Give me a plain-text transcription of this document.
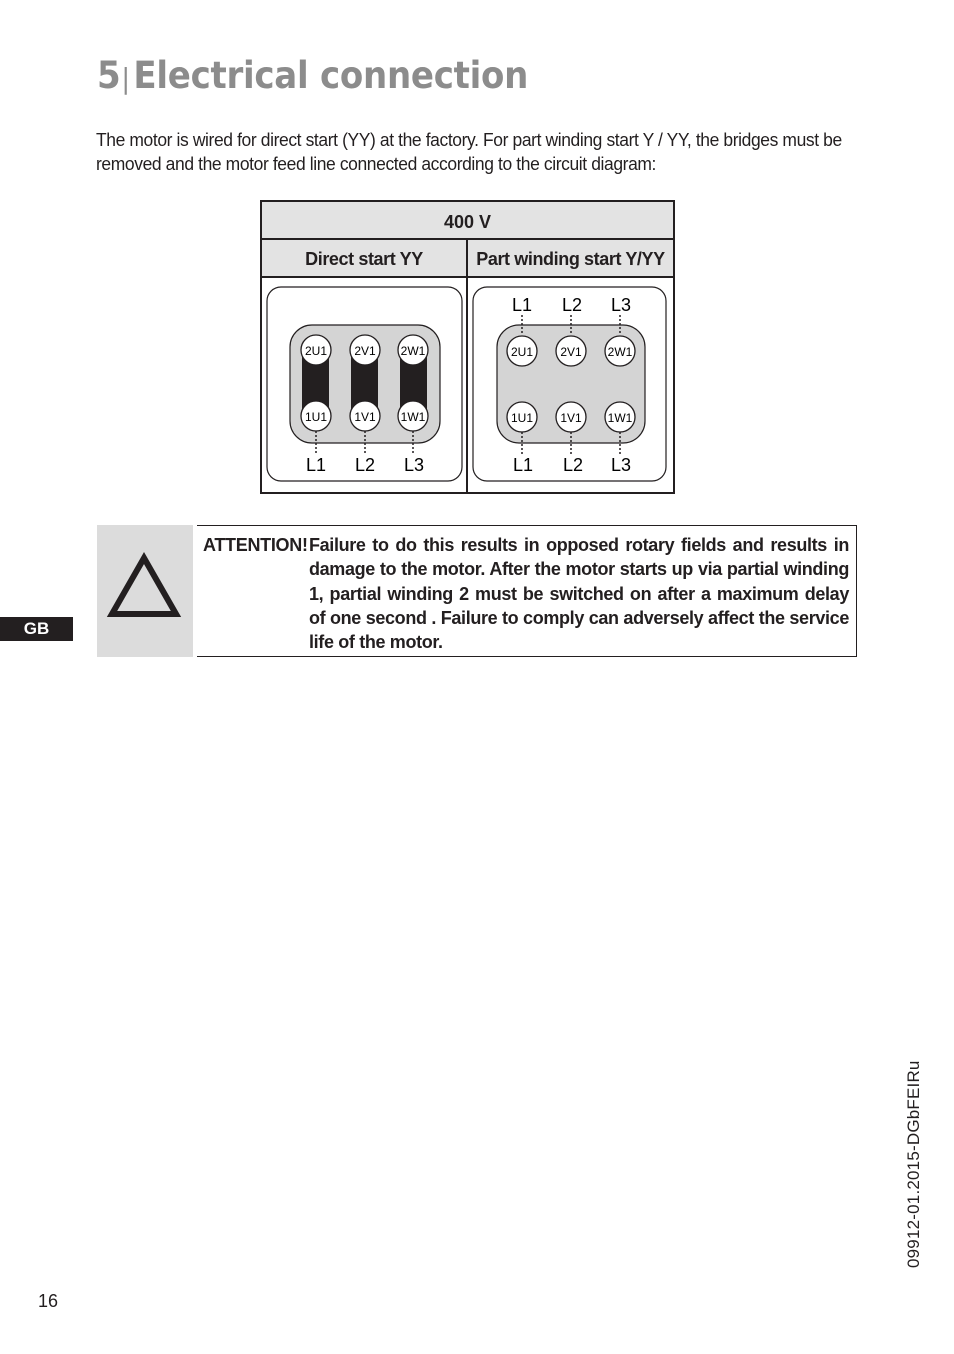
5|Electrical connection

The motor is wired for direct start (YY) at the factory. For part winding start Y / YY, the bridges must be removed and the motor feed line connected according to the circuit diagram:

400 V
Direct start YY	Part winding start Y/YY
2U1 2V1 2W1
1U1 1V1 1W1
L1 L2 L3
L1 L2 L3
2U1 2V1 2W1
1U1 1V1 1W1
L1 L2 L3
ATTENTION! Failure to do this results in opposed rotary fields and results in damage to the motor. After the motor starts up via partial winding 1, partial winding 2 must be switched on after a maximum delay of one second . Failure to comply can adversely affect the service life of the motor.

GB
16
09912-01.2015-DGbFEIRu
